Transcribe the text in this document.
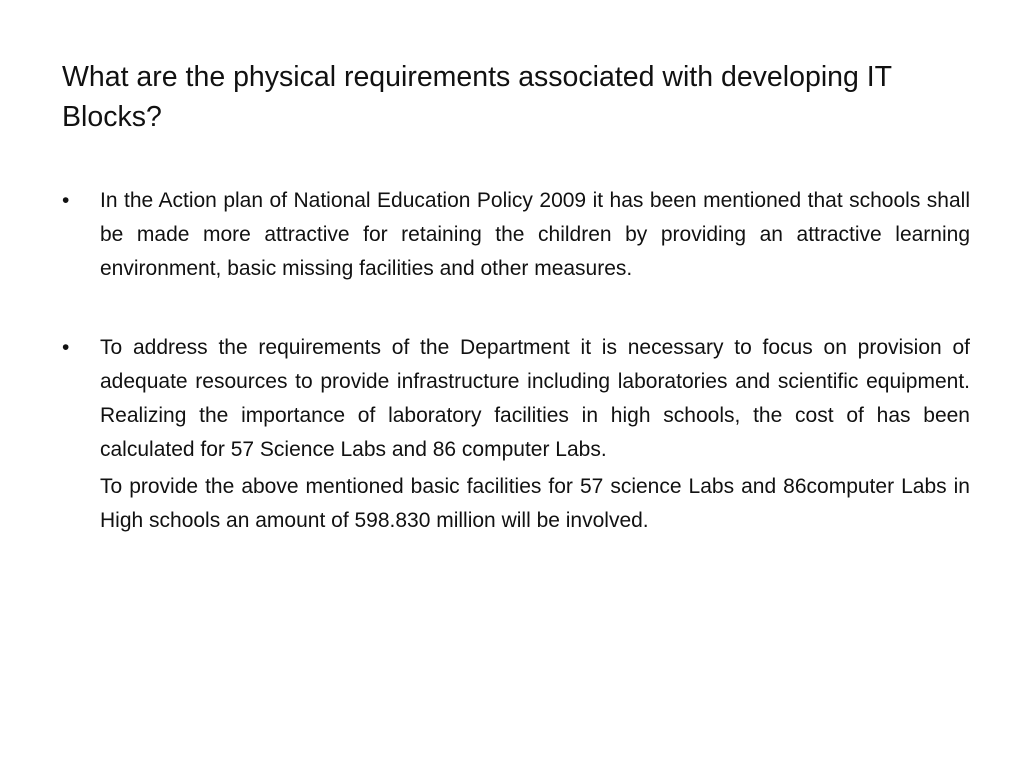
What are the physical requirements associated with developing IT Blocks?
•	In the Action plan of National Education Policy 2009 it has been mentioned that schools shall be made more attractive for retaining the children by providing an attractive learning environment, basic missing facilities and other measures.
•	To address the requirements of the Department it is necessary to focus on provision of adequate resources to provide infrastructure including laboratories and scientific equipment. Realizing the importance of laboratory facilities in high schools, the cost of has been calculated for 57 Science Labs and 86 computer Labs.
To provide the above mentioned basic facilities for 57 science Labs and 86computer Labs in High schools an amount of 598.830 million will be involved.
